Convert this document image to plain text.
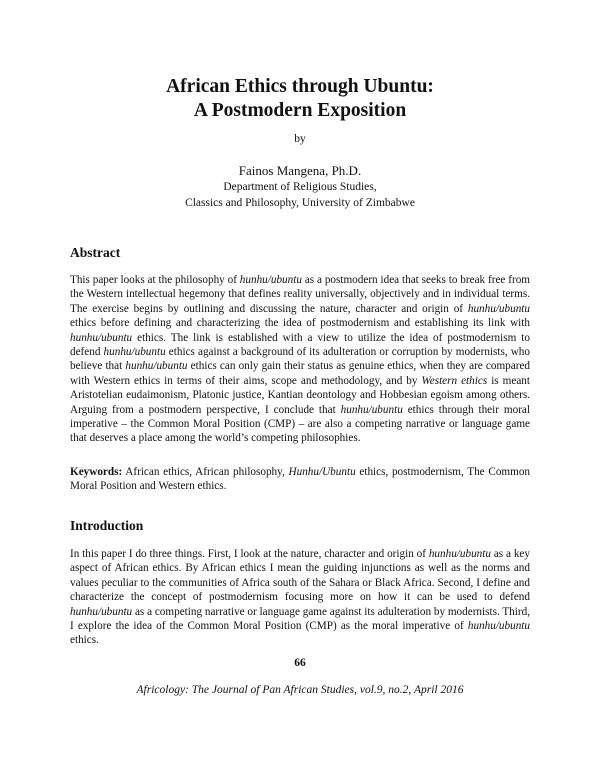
African Ethics through Ubuntu:
A Postmodern Exposition
by
Fainos Mangena, Ph.D.
Department of Religious Studies,
Classics and Philosophy, University of Zimbabwe
Abstract

This paper looks at the philosophy of hunhu/ubuntu as a postmodern idea that seeks to break free from the Western intellectual hegemony that defines reality universally, objectively and in individual terms. The exercise begins by outlining and discussing the nature, character and origin of hunhu/ubuntu ethics before defining and characterizing the idea of postmodernism and establishing its link with hunhu/ubuntu ethics. The link is established with a view to utilize the idea of postmodernism to defend hunhu/ubuntu ethics against a background of its adulteration or corruption by modernists, who believe that hunhu/ubuntu ethics can only gain their status as genuine ethics, when they are compared with Western ethics in terms of their aims, scope and methodology, and by Western ethics is meant Aristotelian eudaimonism, Platonic justice, Kantian deontology and Hobbesian egoism among others. Arguing from a postmodern perspective, I conclude that hunhu/ubuntu ethics through their moral imperative – the Common Moral Position (CMP) – are also a competing narrative or language game that deserves a place among the world’s competing philosophies.

Keywords: African ethics, African philosophy, Hunhu/Ubuntu ethics, postmodernism, The Common Moral Position and Western ethics.

Introduction

In this paper I do three things. First, I look at the nature, character and origin of hunhu/ubuntu as a key aspect of African ethics. By African ethics I mean the guiding injunctions as well as the norms and values peculiar to the communities of Africa south of the Sahara or Black Africa. Second, I define and characterize the concept of postmodernism focusing more on how it can be used to defend hunhu/ubuntu as a competing narrative or language game against its adulteration by modernists. Third, I explore the idea of the Common Moral Position (CMP) as the moral imperative of hunhu/ubuntu ethics.

66
Africology: The Journal of Pan African Studies, vol.9, no.2, April 2016
